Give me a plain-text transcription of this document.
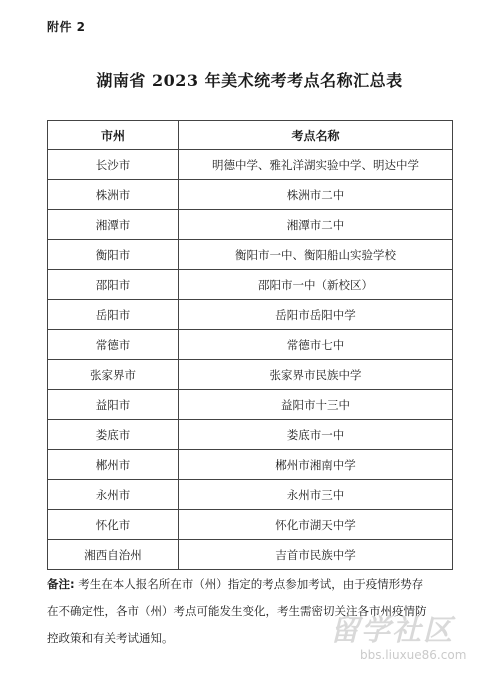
附件 2
湖南省 2023 年美术统考考点名称汇总表
市州	考点名称
长沙市	明德中学、雅礼洋湖实验中学、明达中学
株洲市	株洲市二中
湘潭市	湘潭市二中
衡阳市	衡阳市一中、衡阳船山实验学校
邵阳市	邵阳市一中（新校区）
岳阳市	岳阳市岳阳中学
常德市	常德市七中
张家界市	张家界市民族中学
益阳市	益阳市十三中
娄底市	娄底市一中
郴州市	郴州市湘南中学
永州市	永州市三中
怀化市	怀化市湖天中学
湘西自治州	吉首市民族中学
备注: 考生在本人报名所在市（州）指定的考点参加考试，由于疫情形势存
在不确定性，各市（州）考点可能发生变化，考生需密切关注各市州疫情防
控政策和有关考试通知。	留学社区
bbs.liuxue86.com
